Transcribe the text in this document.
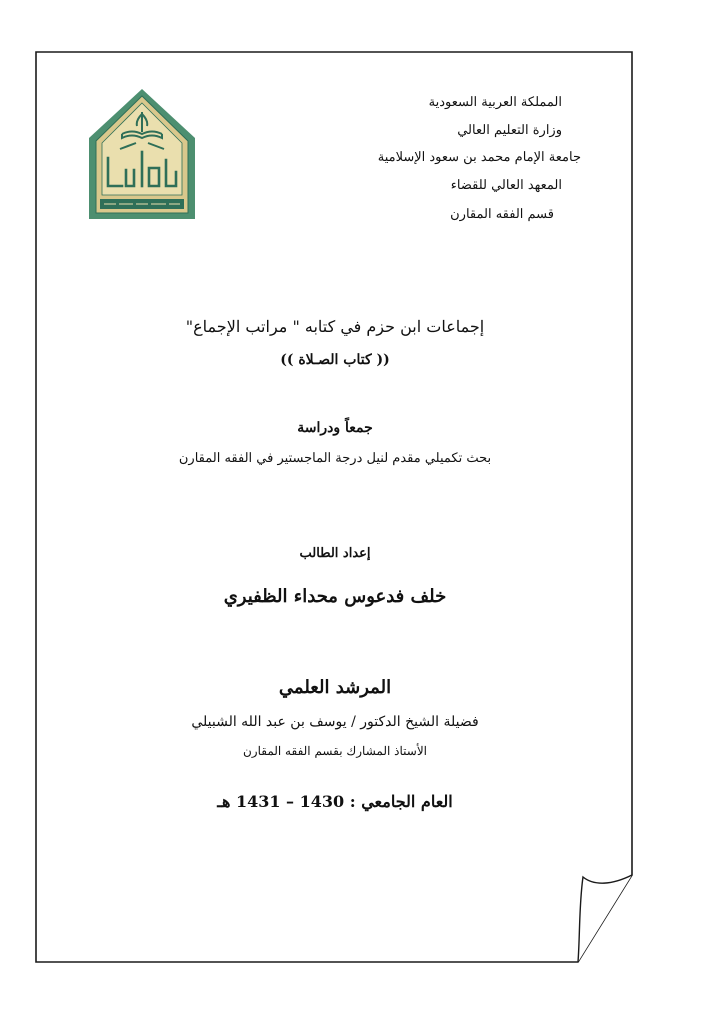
المملكة العربية السعودية
وزارة التعليم العالي
جامعة الإمام محمد بن سعود الإسلامية
المعهد العالي للقضاء
قسم الفقه المقارن
إجماعات ابن حزم في كتابه " مراتب الإجماع"
(( كتاب الصـلاة ))
جمعاً ودراسة
بحث تكميلي مقدم لنيل درجة الماجستير في الفقه المقارن
إعداد الطالب
خلف فدعوس محداء الظفيري
المرشد العلمي
فضيلة الشيخ الدكتور / يوسف بن عبد الله الشبيلي
الأستاذ المشارك بقسم الفقه المقارن
العام الجامعي : 1430 – 1431 هـ
